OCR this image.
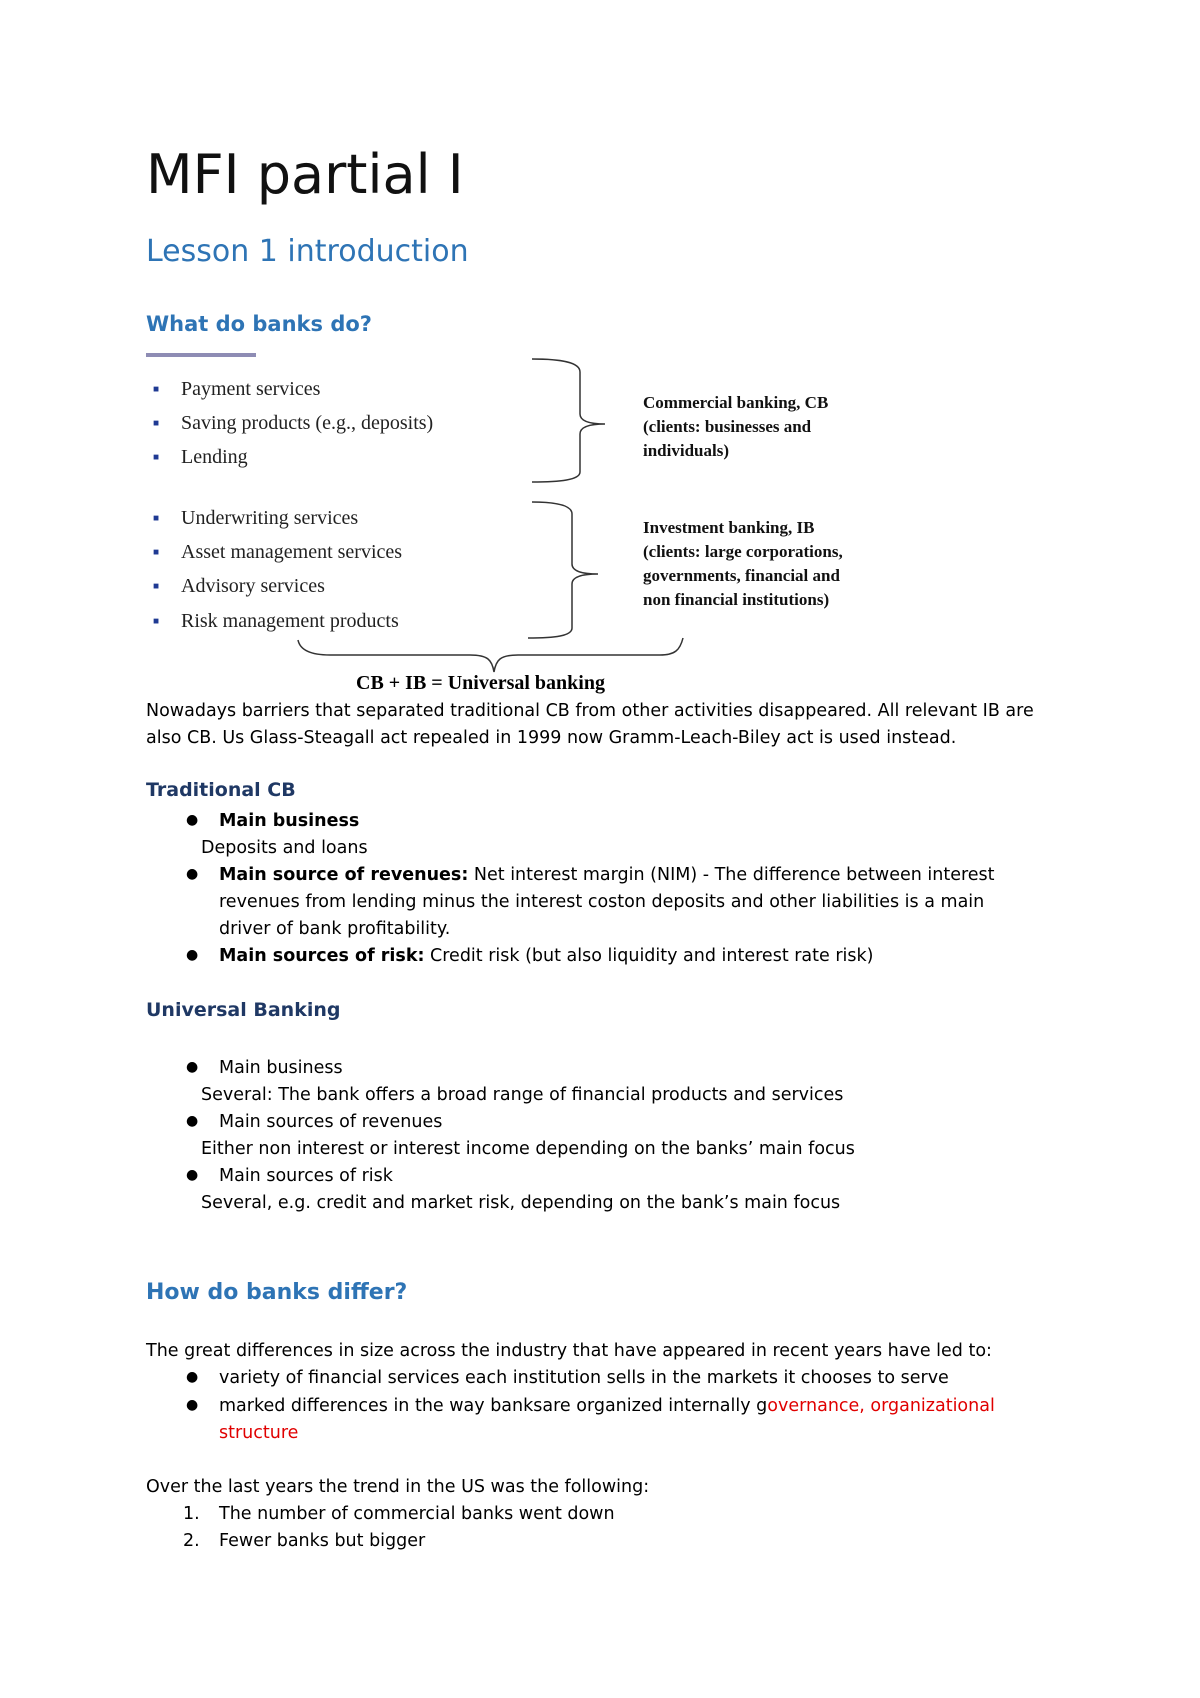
MFI partial I
Lesson 1 introduction
What do banks do?
■ Payment services
■ Saving products (e.g., deposits)
■ Lending
■ Underwriting services
■ Asset management services
■ Advisory services
■ Risk management products
Commercial banking, CB
(clients: businesses and
individuals)
Investment banking, IB
(clients: large corporations,
governments, financial and
non financial institutions)
CB + IB = Universal banking
Nowadays barriers that separated traditional CB from other activities disappeared. All relevant IB are
also CB. Us Glass-Steagall act repealed in 1999 now Gramm-Leach-Biley act is used instead.
Traditional CB
● Main business
Deposits and loans
● Main source of revenues: Net interest margin (NIM) - The difference between interest
revenues from lending minus the interest coston deposits and other liabilities is a main
driver of bank profitability.
● Main sources of risk: Credit risk (but also liquidity and interest rate risk)
Universal Banking
● Main business
Several: The bank offers a broad range of financial products and services
● Main sources of revenues
Either non interest or interest income depending on the banks’ main focus
● Main sources of risk
Several, e.g. credit and market risk, depending on the bank’s main focus
How do banks differ?
The great differences in size across the industry that have appeared in recent years have led to:
● variety of financial services each institution sells in the markets it chooses to serve
● marked differences in the way banksare organized internally governance, organizational
structure
Over the last years the trend in the US was the following:
1. The number of commercial banks went down
2. Fewer banks but bigger
